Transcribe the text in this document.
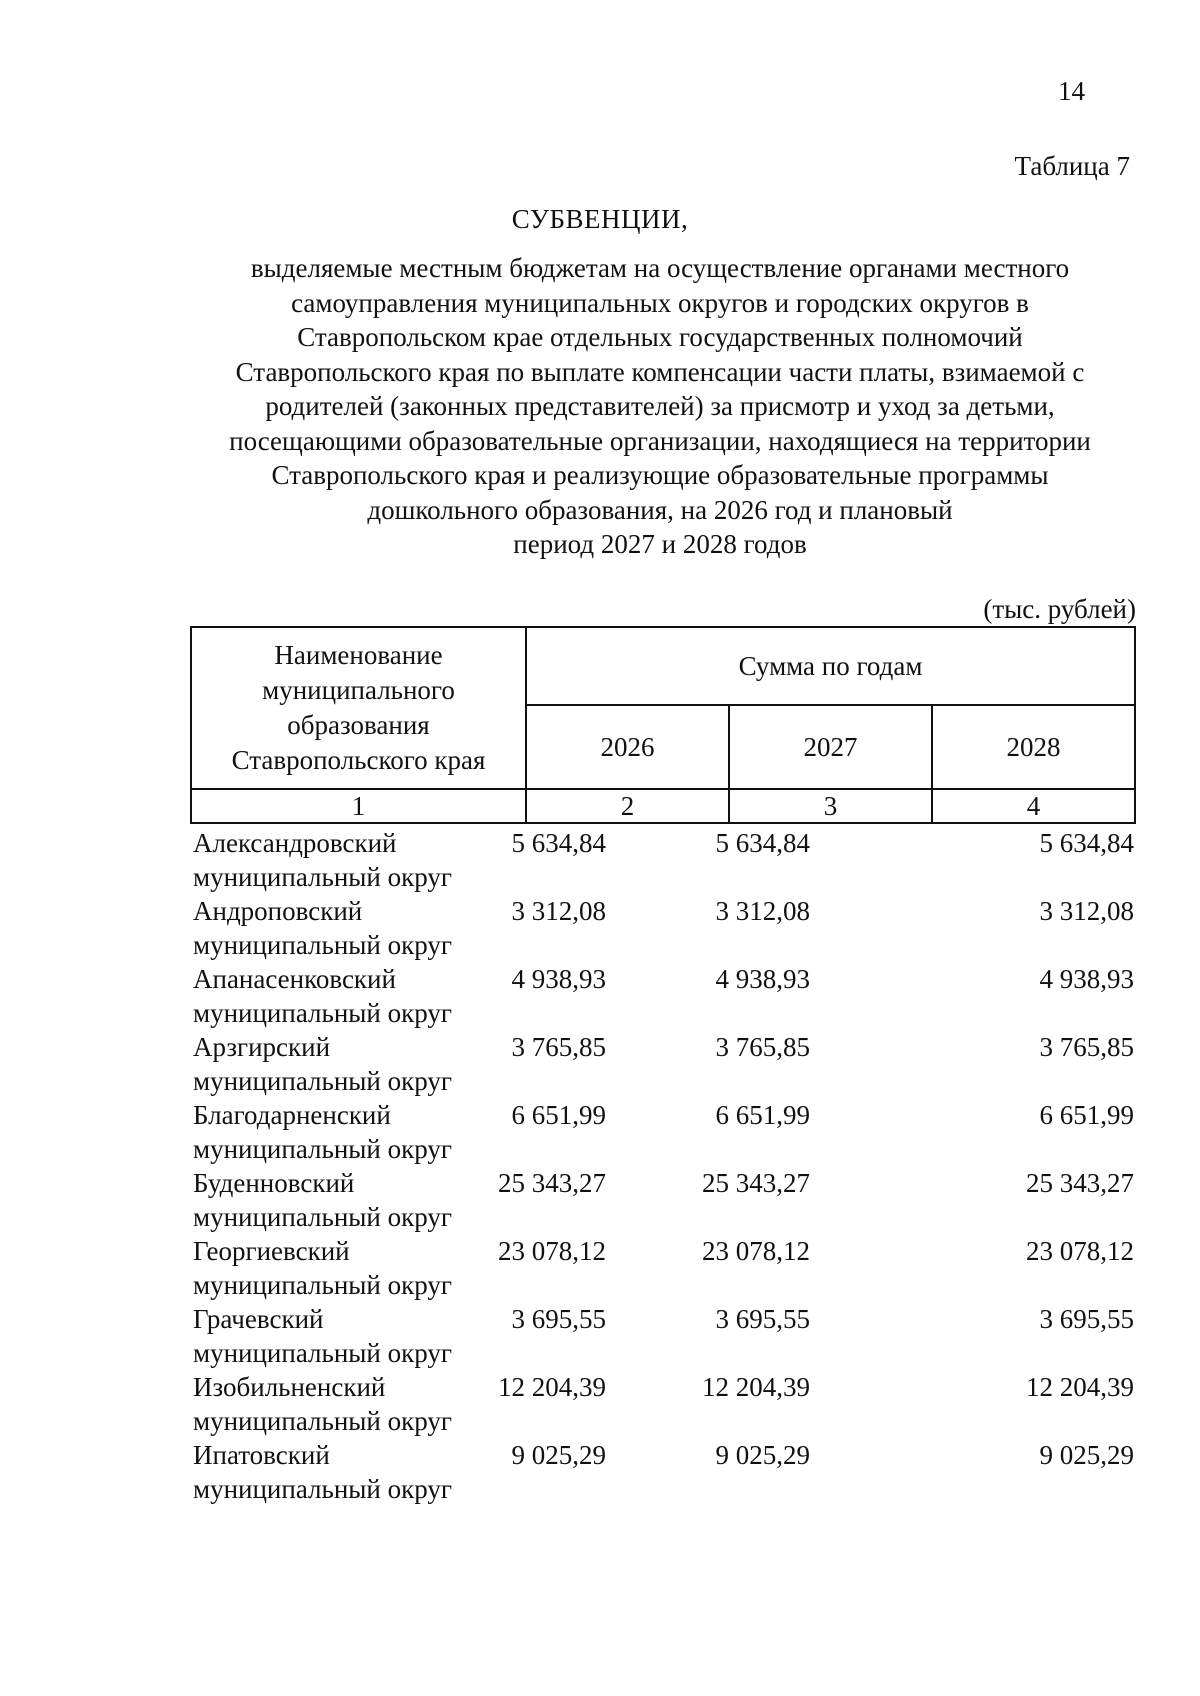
14
Таблица 7
СУБВЕНЦИИ,
выделяемые местным бюджетам на осуществление органами местного
самоуправления муниципальных округов и городских округов в
Ставропольском крае отдельных государственных полномочий
Ставропольского края по выплате компенсации части платы, взимаемой с
родителей (законных представителей) за присмотр и уход за детьми,
посещающими образовательные организации, находящиеся на территории
Ставропольского края и реализующие образовательные программы
дошкольного образования, на 2026 год и плановый
период 2027 и 2028 годов
(тыс. рублей)
Наименование
муниципального
образования
Ставропольского края	Сумма по годам		
	2026	2027	2028
1	2	3	4
Александровский
муниципальный округ
5 634,84	5 634,84	5 634,84
Андроповский
муниципальный округ
3 312,08	3 312,08	3 312,08
Апанасенковский
муниципальный округ
4 938,93	4 938,93	4 938,93
Арзгирский
муниципальный округ
3 765,85	3 765,85	3 765,85
Благодарненский
муниципальный округ
6 651,99	6 651,99	6 651,99
Буденновский
муниципальный округ
25 343,27	25 343,27	25 343,27
Георгиевский
муниципальный округ
23 078,12	23 078,12	23 078,12
Грачевский
муниципальный округ
3 695,55	3 695,55	3 695,55
Изобильненский
муниципальный округ
12 204,39	12 204,39	12 204,39
Ипатовский
муниципальный округ
9 025,29	9 025,29	9 025,29
